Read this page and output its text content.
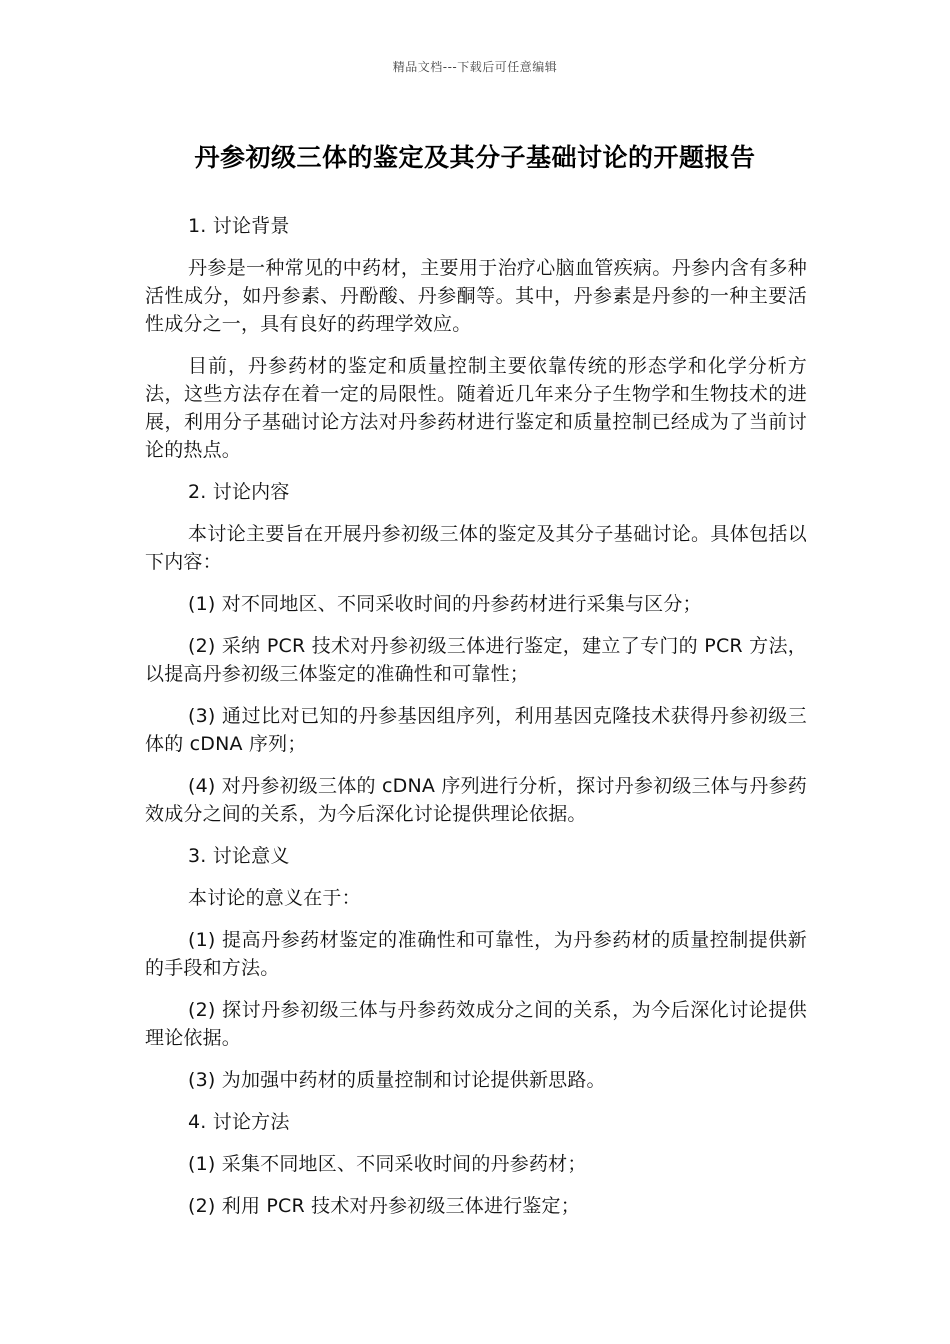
精品文档---下载后可任意编辑
丹参初级三体的鉴定及其分子基础讨论的开题报告

1. 讨论背景

丹参是一种常见的中药材，主要用于治疗心脑血管疾病。丹参内含有多种活性成分，如丹参素、丹酚酸、丹参酮等。其中，丹参素是丹参的一种主要活性成分之一，具有良好的药理学效应。

目前，丹参药材的鉴定和质量控制主要依靠传统的形态学和化学分析方法，这些方法存在着一定的局限性。随着近几年来分子生物学和生物技术的进展，利用分子基础讨论方法对丹参药材进行鉴定和质量控制已经成为了当前讨论的热点。

2. 讨论内容

本讨论主要旨在开展丹参初级三体的鉴定及其分子基础讨论。具体包括以下内容：

(1) 对不同地区、不同采收时间的丹参药材进行采集与区分；

(2) 采纳 PCR 技术对丹参初级三体进行鉴定，建立了专门的 PCR 方法，以提高丹参初级三体鉴定的准确性和可靠性；

(3) 通过比对已知的丹参基因组序列，利用基因克隆技术获得丹参初级三体的 cDNA 序列；

(4) 对丹参初级三体的 cDNA 序列进行分析，探讨丹参初级三体与丹参药效成分之间的关系，为今后深化讨论提供理论依据。

3. 讨论意义

本讨论的意义在于：

(1) 提高丹参药材鉴定的准确性和可靠性，为丹参药材的质量控制提供新的手段和方法。

(2) 探讨丹参初级三体与丹参药效成分之间的关系，为今后深化讨论提供理论依据。

(3) 为加强中药材的质量控制和讨论提供新思路。

4. 讨论方法

(1) 采集不同地区、不同采收时间的丹参药材；

(2) 利用 PCR 技术对丹参初级三体进行鉴定；
